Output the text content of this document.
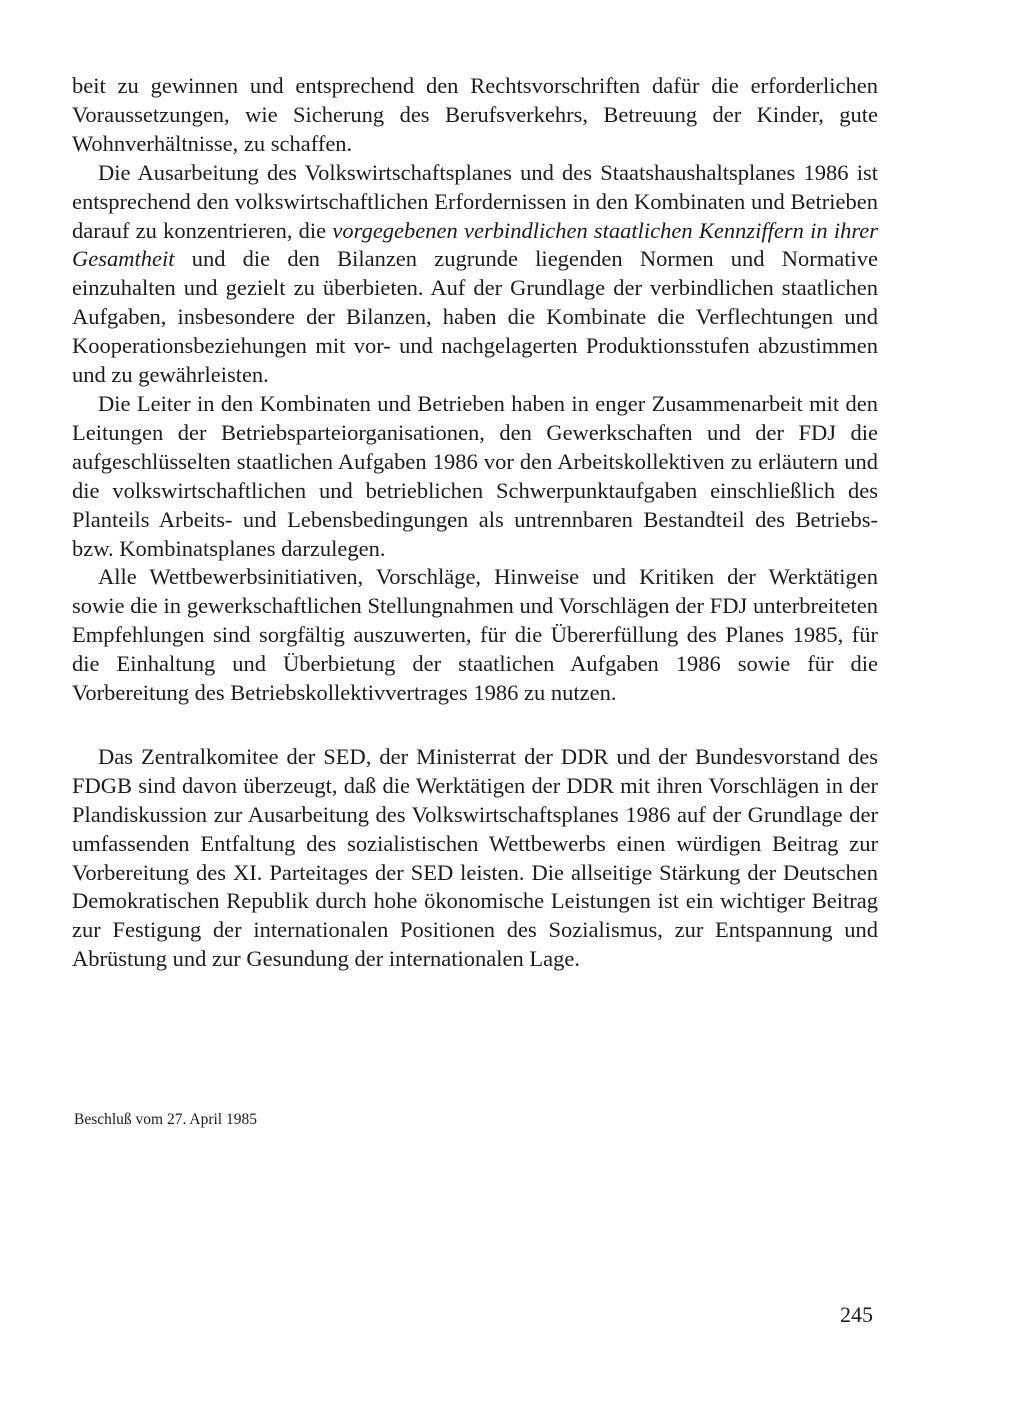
beit zu gewinnen und entsprechend den Rechtsvorschriften dafür die erforderlichen Voraussetzungen, wie Sicherung des Berufsverkehrs, Betreuung der Kinder, gute Wohnverhältnisse, zu schaffen.

Die Ausarbeitung des Volkswirtschaftsplanes und des Staatshaushaltsplanes 1986 ist entsprechend den volkswirtschaftlichen Erfordernissen in den Kombinaten und Betrieben darauf zu konzentrieren, die vorgegebenen verbindlichen staatlichen Kennziffern in ihrer Gesamtheit und die den Bilanzen zugrunde liegenden Normen und Normative einzuhalten und gezielt zu überbieten. Auf der Grundlage der verbindlichen staatlichen Aufgaben, insbesondere der Bilanzen, haben die Kombinate die Verflechtungen und Kooperationsbeziehungen mit vor- und nachgelagerten Produktionsstufen abzustimmen und zu gewährleisten.

Die Leiter in den Kombinaten und Betrieben haben in enger Zusammenarbeit mit den Leitungen der Betriebsparteiorganisationen, den Gewerkschaften und der FDJ die aufgeschlüsselten staatlichen Aufgaben 1986 vor den Arbeitskollektiven zu erläutern und die volkswirtschaftlichen und betrieblichen Schwerpunktaufgaben einschließlich des Planteils Arbeits- und Lebensbedingungen als untrennbaren Bestandteil des Betriebs- bzw. Kombinatsplanes darzulegen.

Alle Wettbewerbsinitiativen, Vorschläge, Hinweise und Kritiken der Werktätigen sowie die in gewerkschaftlichen Stellungnahmen und Vorschlägen der FDJ unterbreiteten Empfehlungen sind sorgfältig auszuwerten, für die Übererfüllung des Planes 1985, für die Einhaltung und Überbietung der staatlichen Aufgaben 1986 sowie für die Vorbereitung des Betriebskollektivvertrages 1986 zu nutzen.

Das Zentralkomitee der SED, der Ministerrat der DDR und der Bundesvorstand des FDGB sind davon überzeugt, daß die Werktätigen der DDR mit ihren Vorschlägen in der Plandiskussion zur Ausarbeitung des Volkswirtschaftsplanes 1986 auf der Grundlage der umfassenden Entfaltung des sozialistischen Wettbewerbs einen würdigen Beitrag zur Vorbereitung des XI. Parteitages der SED leisten. Die allseitige Stärkung der Deutschen Demokratischen Republik durch hohe ökonomische Leistungen ist ein wichtiger Beitrag zur Festigung der internationalen Positionen des Sozialismus, zur Entspannung und Abrüstung und zur Gesundung der internationalen Lage.

Beschluß vom 27. April 1985

245
